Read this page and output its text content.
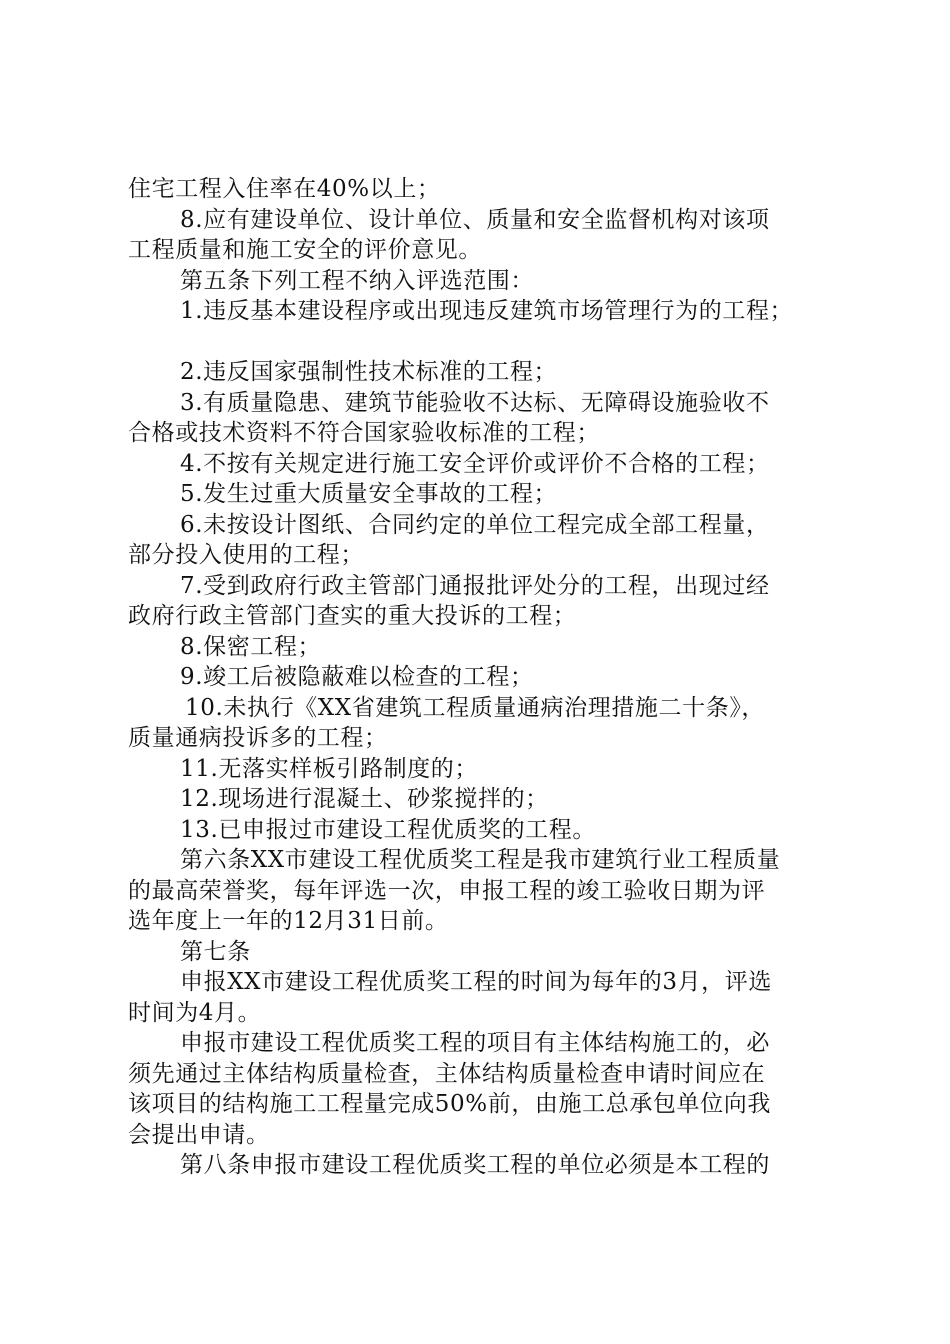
住宅工程入住率在40%以上；
8.应有建设单位、设计单位、质量和安全监督机构对该项
工程质量和施工安全的评价意见。
第五条下列工程不纳入评选范围：
1.违反基本建设程序或出现违反建筑市场管理行为的工程；
2.违反国家强制性技术标准的工程；
3.有质量隐患、建筑节能验收不达标、无障碍设施验收不
合格或技术资料不符合国家验收标准的工程；
4.不按有关规定进行施工安全评价或评价不合格的工程；
5.发生过重大质量安全事故的工程；
6.未按设计图纸、合同约定的单位工程完成全部工程量，
部分投入使用的工程；
7.受到政府行政主管部门通报批评处分的工程，出现过经
政府行政主管部门查实的重大投诉的工程；
8.保密工程；
9.竣工后被隐蔽难以检查的工程；
10.未执行《XX省建筑工程质量通病治理措施二十条》，
质量通病投诉多的工程；
11.无落实样板引路制度的；
12.现场进行混凝土、砂浆搅拌的；
13.已申报过市建设工程优质奖的工程。
第六条XX市建设工程优质奖工程是我市建筑行业工程质量
的最高荣誉奖，每年评选一次，申报工程的竣工验收日期为评
选年度上一年的12月31日前。
第七条
申报XX市建设工程优质奖工程的时间为每年的3月，评选
时间为4月。
申报市建设工程优质奖工程的项目有主体结构施工的，必
须先通过主体结构质量检查，主体结构质量检查申请时间应在
该项目的结构施工工程量完成50%前，由施工总承包单位向我
会提出申请。
第八条申报市建设工程优质奖工程的单位必须是本工程的
